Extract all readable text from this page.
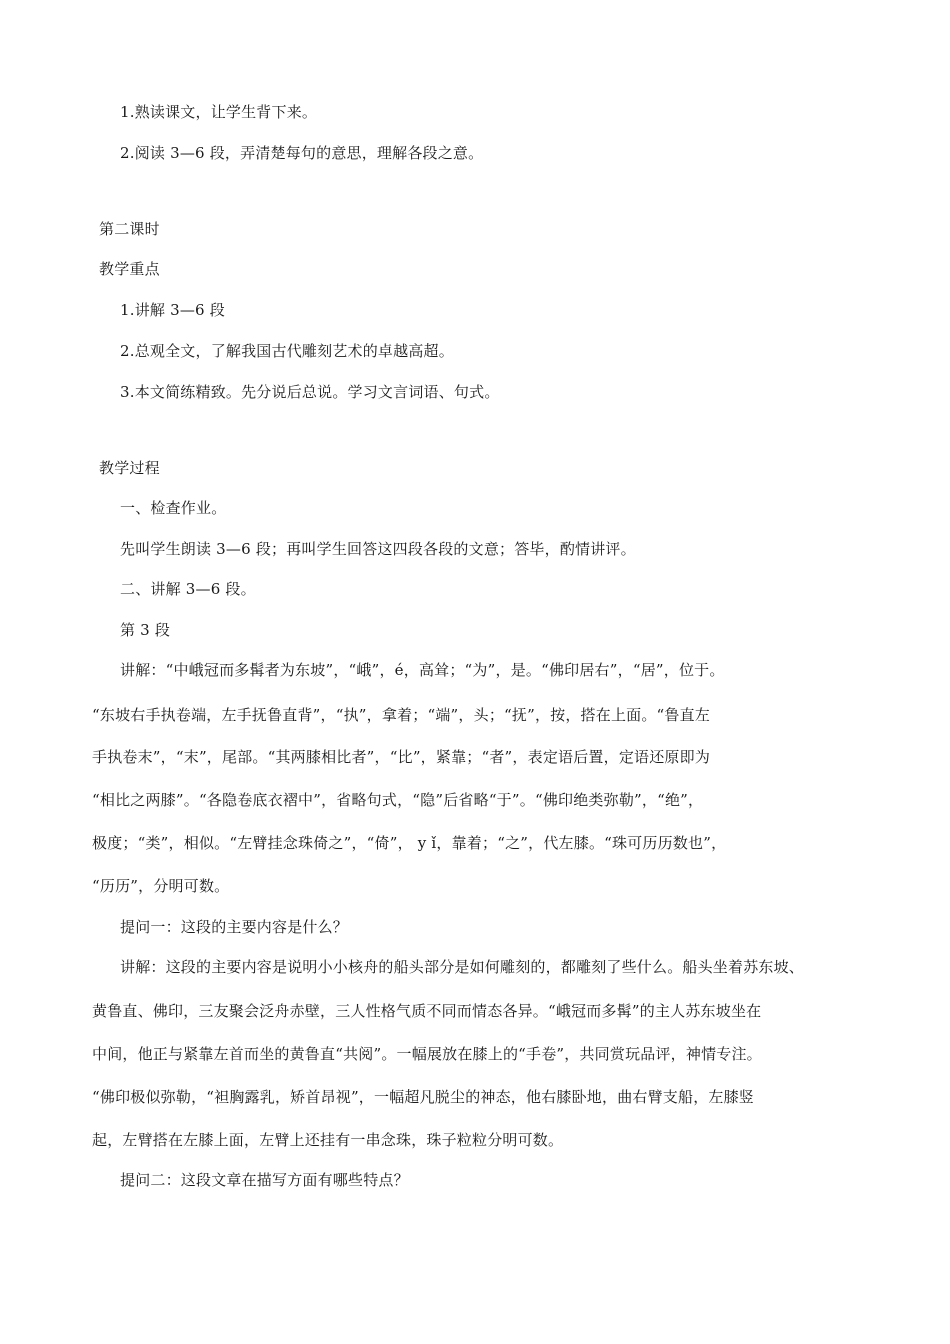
1.熟读课文，让学生背下来。
2.阅读 3—6 段，弄清楚每句的意思，理解各段之意。
第二课时
教学重点
1.讲解 3—6 段
2.总观全文，了解我国古代雕刻艺术的卓越高超。
3.本文简练精致。先分说后总说。学习文言词语、句式。
教学过程
一、检查作业。
先叫学生朗读 3—6 段；再叫学生回答这四段各段的文意；答毕，酌情讲评。
二、讲解 3—6 段。
第 3 段
讲解：“中峨冠而多髯者为东坡”，“峨”，é，高耸；“为”，是。“佛印居右”，“居”，位于。
“东坡右手执卷端，左手抚鲁直背”，“执”，拿着；“端”，头；“抚”，按，搭在上面。“鲁直左
手执卷末”，“末”，尾部。“其两膝相比者”，“比”，紧靠；“者”，表定语后置，定语还原即为
“相比之两膝”。“各隐卷底衣褶中”，省略句式，“隐”后省略“于”。“佛印绝类弥勒”，“绝”，
极度；“类”，相似。“左臂挂念珠倚之”，“倚”， y ǐ，靠着；“之”，代左膝。“珠可历历数也”，
“历历”，分明可数。
提问一：这段的主要内容是什么？
讲解：这段的主要内容是说明小小核舟的船头部分是如何雕刻的，都雕刻了些什么。船头坐着苏东坡、
黄鲁直、佛印，三友聚会泛舟赤壁，三人性格气质不同而情态各异。“峨冠而多髯”的主人苏东坡坐在
中间，他正与紧靠左首而坐的黄鲁直“共阅”。一幅展放在膝上的“手卷”，共同赏玩品评，神情专注。
“佛印极似弥勒，“袒胸露乳，矫首昂视”，一幅超凡脱尘的神态，他右膝卧地，曲右臂支船，左膝竖
起，左臂搭在左膝上面，左臂上还挂有一串念珠，珠子粒粒分明可数。
提问二：这段文章在描写方面有哪些特点？
